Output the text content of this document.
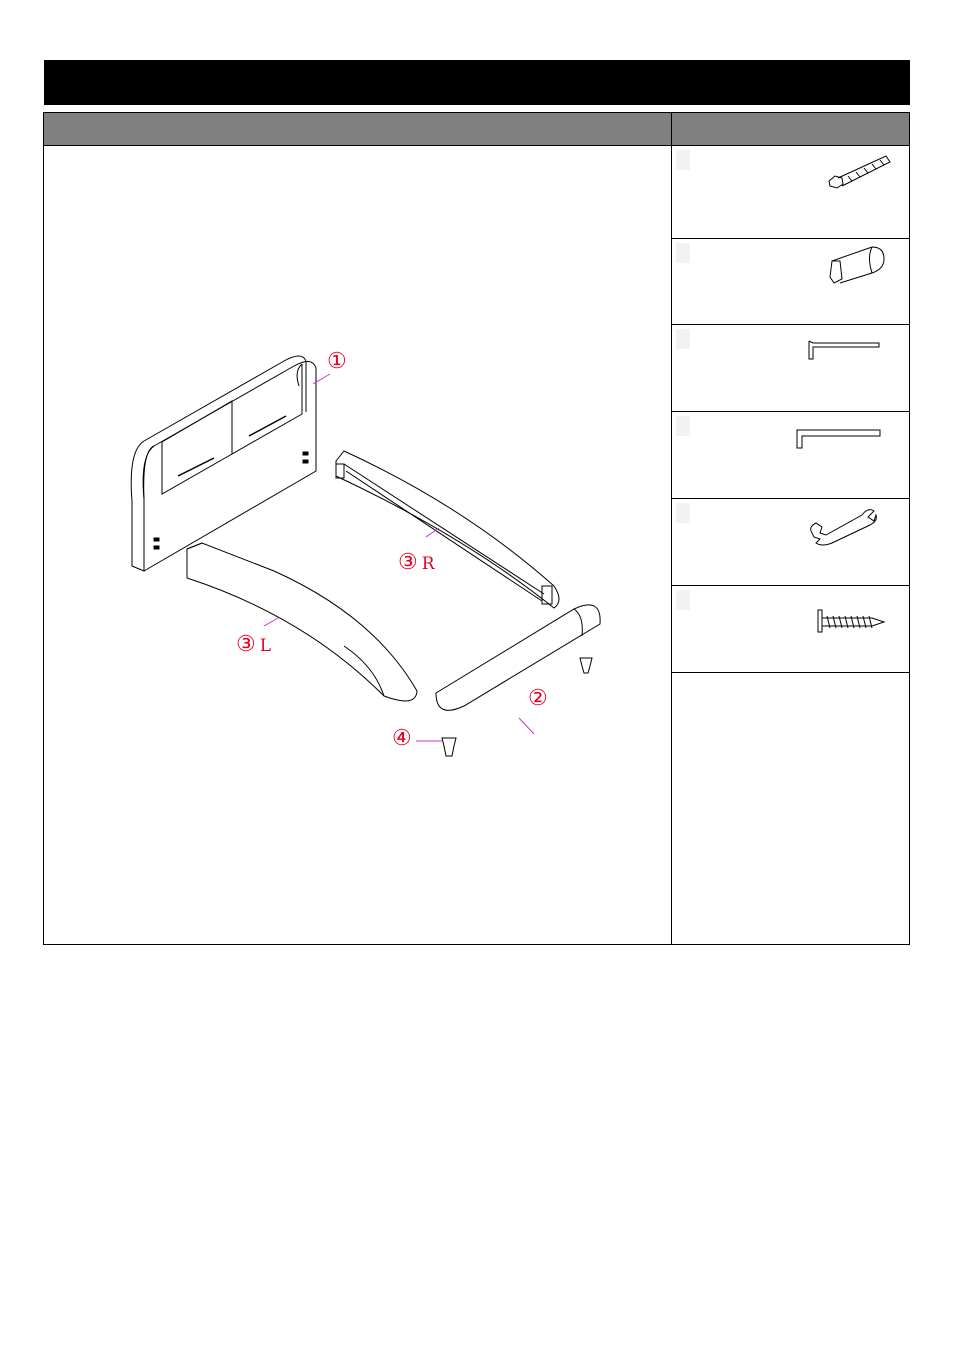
①
②
③ R
③ L
④
